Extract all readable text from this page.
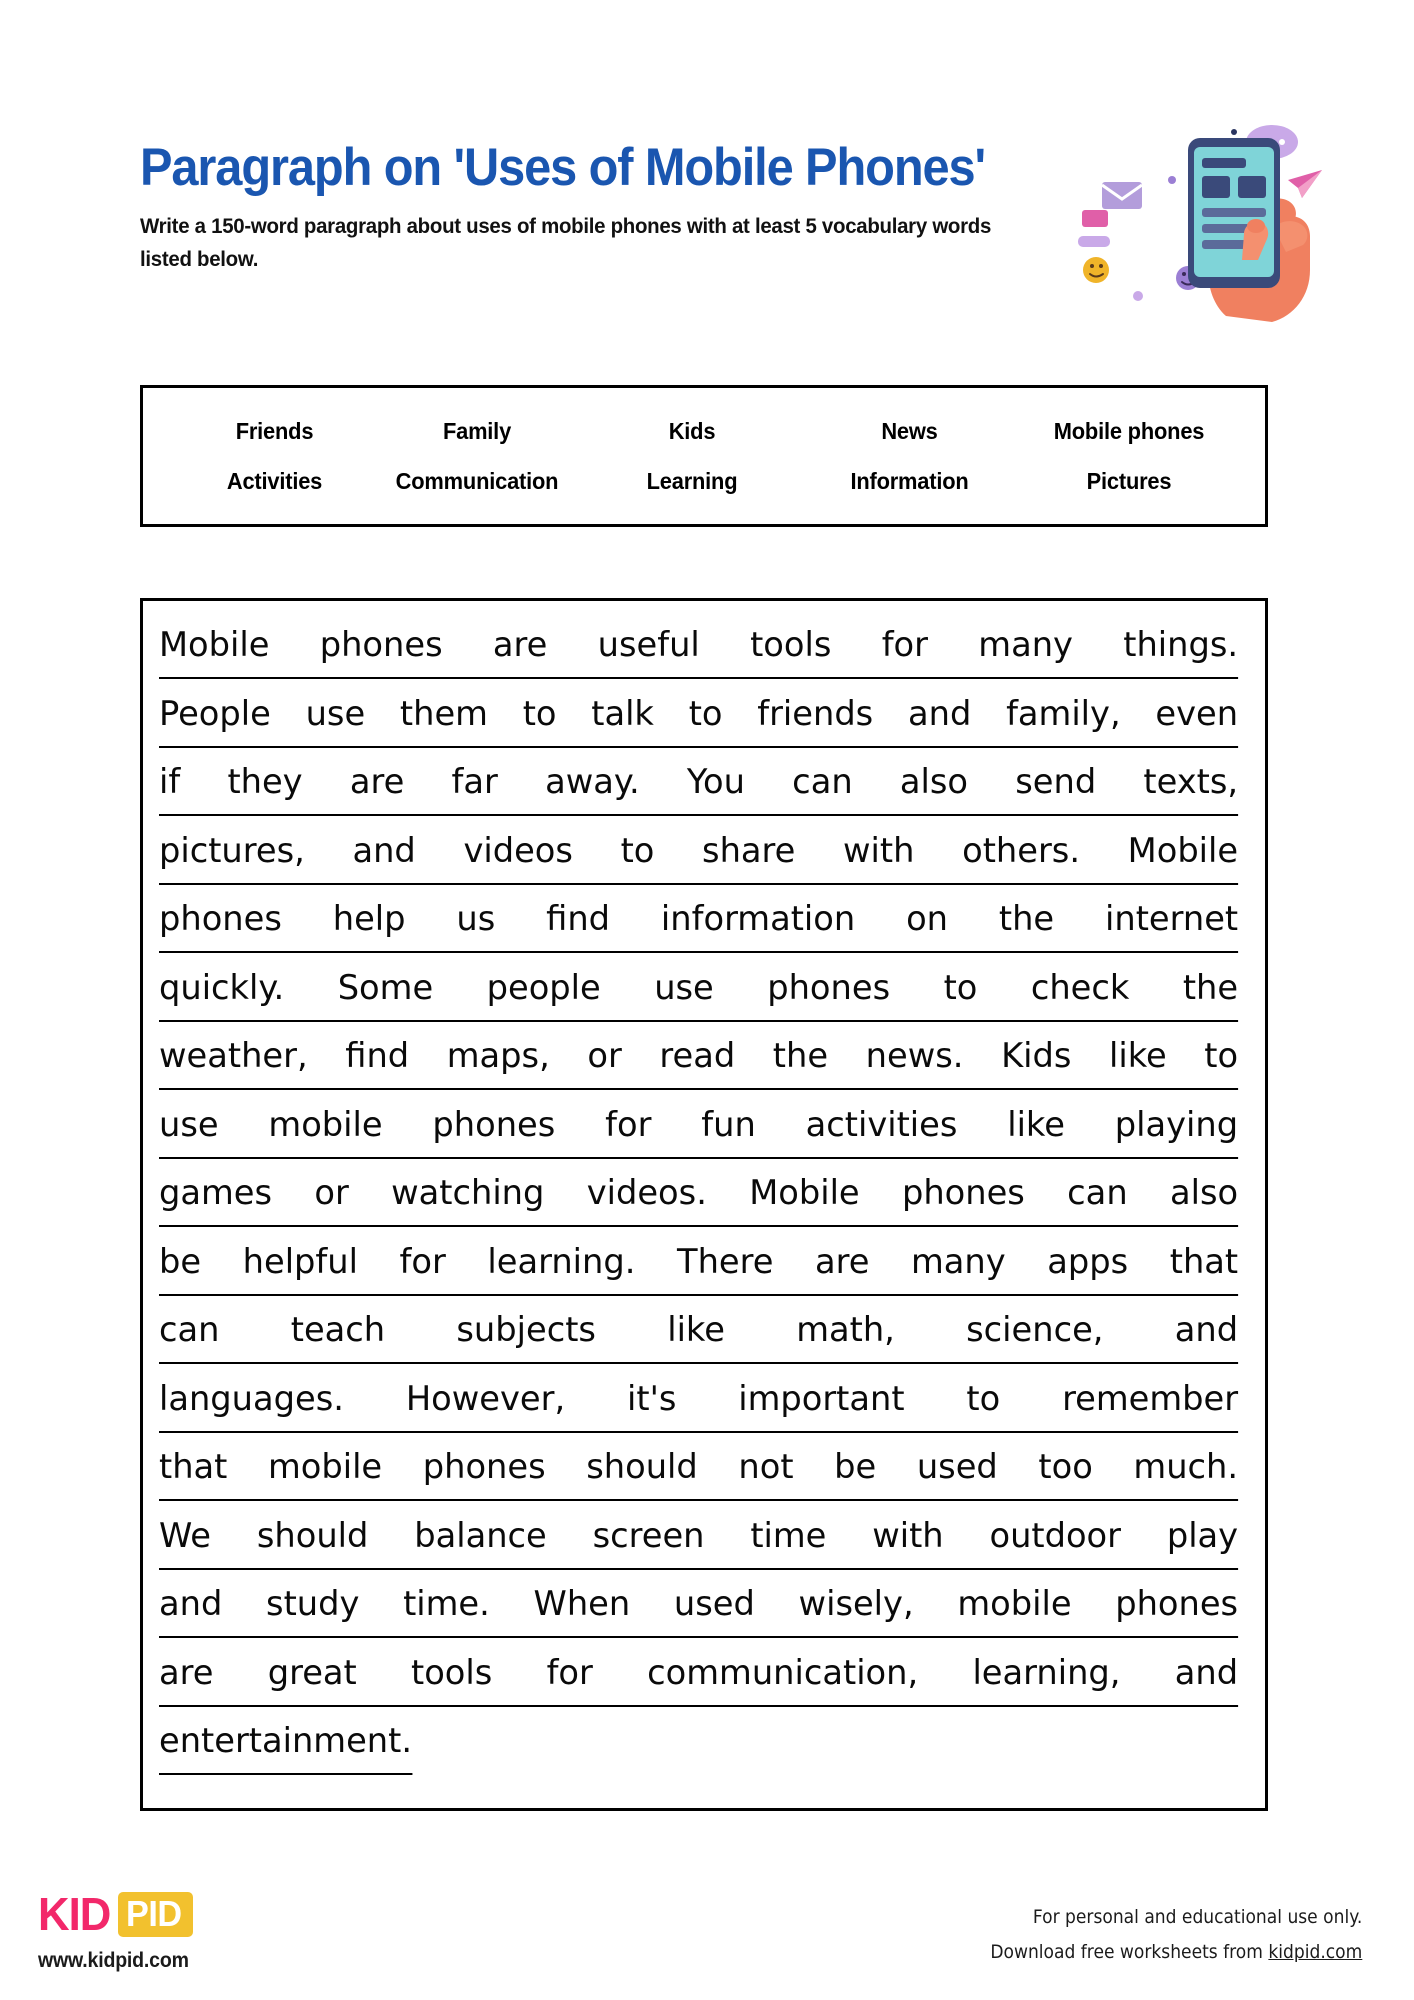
Paragraph on 'Uses of Mobile Phones'
Write a 150-word paragraph about uses of mobile phones with at least 5 vocabulary words listed below.
Friends	Family	Kids	News	Mobile phones
Activities	Communication	Learning	Information	Pictures
Mobile phones are useful tools for many things.
People use them to talk to friends and family, even
if they are far away. You can also send texts,
pictures, and videos to share with others. Mobile
phones help us find information on the internet
quickly. Some people use phones to check the
weather, find maps, or read the news. Kids like to
use mobile phones for fun activities like playing
games or watching videos. Mobile phones can also
be helpful for learning. There are many apps that
can teach subjects like math, science, and
languages. However, it's important to remember
that mobile phones should not be used too much.
We should balance screen time with outdoor play
and study time. When used wisely, mobile phones
are great tools for communication, learning, and
entertainment.
KID PID
www.kidpid.com
For personal and educational use only.
Download free worksheets from kidpid.com
